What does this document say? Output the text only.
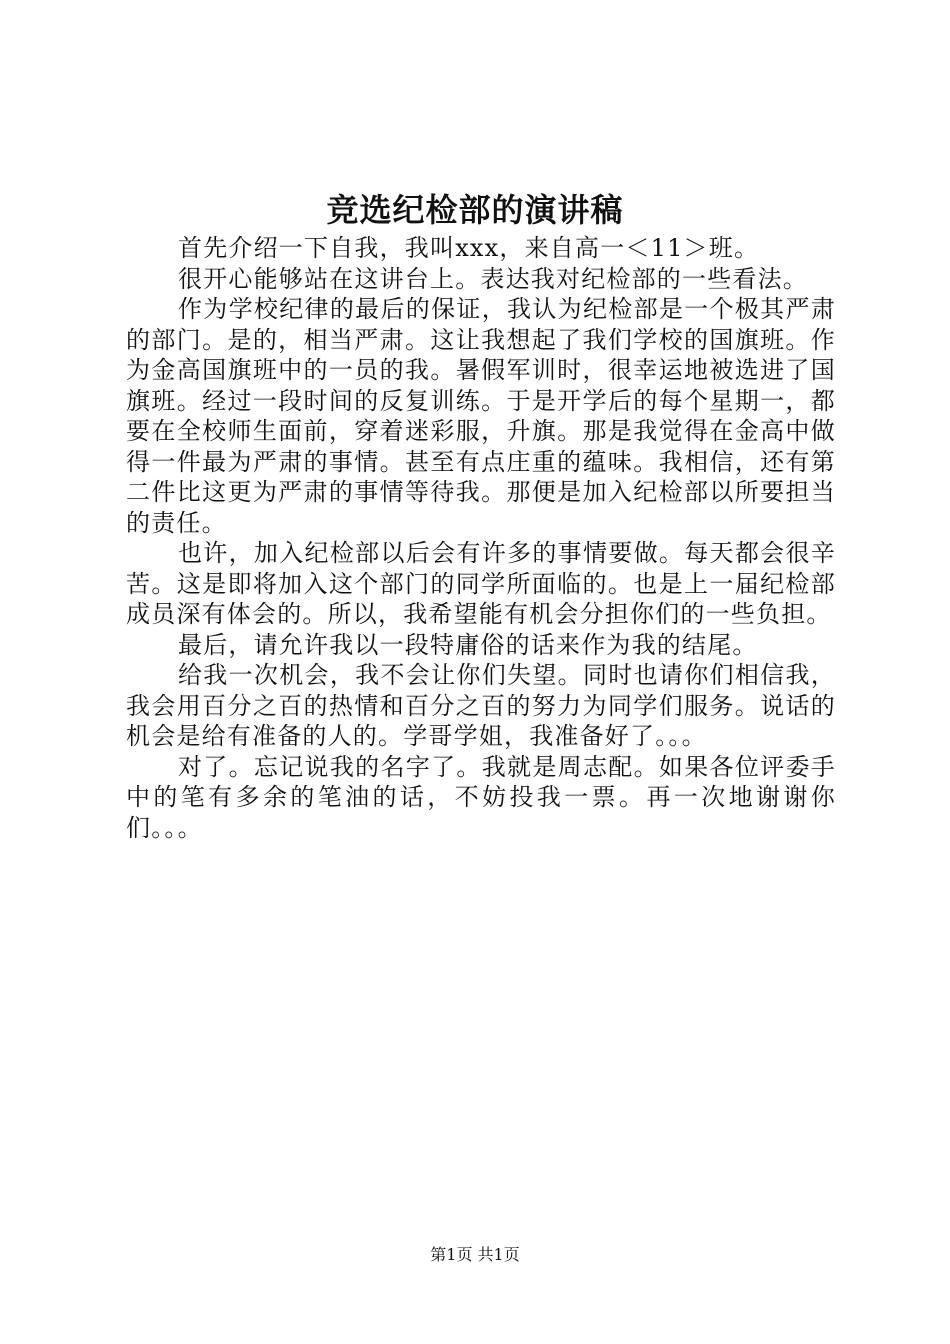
竞选纪检部的演讲稿

首先介绍一下自我，我叫xxx，来自高一＜11＞班。

很开心能够站在这讲台上。表达我对纪检部的一些看法。

作为学校纪律的最后的保证，我认为纪检部是一个极其严肃的部门。是的，相当严肃。这让我想起了我们学校的国旗班。作为金高国旗班中的一员的我。暑假军训时，很幸运地被选进了国旗班。经过一段时间的反复训练。于是开学后的每个星期一，都要在全校师生面前，穿着迷彩服，升旗。那是我觉得在金高中做得一件最为严肃的事情。甚至有点庄重的蕴味。我相信，还有第二件比这更为严肃的事情等待我。那便是加入纪检部以所要担当的责任。

也许，加入纪检部以后会有许多的事情要做。每天都会很辛苦。这是即将加入这个部门的同学所面临的。也是上一届纪检部成员深有体会的。所以，我希望能有机会分担你们的一些负担。

最后，请允许我以一段特庸俗的话来作为我的结尾。

给我一次机会，我不会让你们失望。同时也请你们相信我，我会用百分之百的热情和百分之百的努力为同学们服务。说话的机会是给有准备的人的。学哥学姐，我准备好了。。。

对了。忘记说我的名字了。我就是周志配。如果各位评委手中的笔有多余的笔油的话，不妨投我一票。再一次地谢谢你们。。。

第1页 共1页
